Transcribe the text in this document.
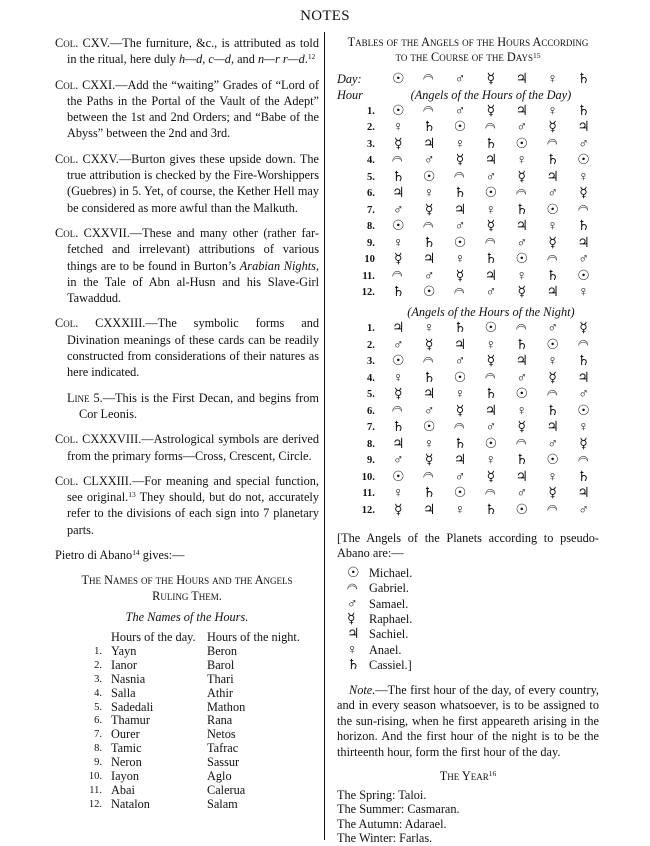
NOTES

Col. CXV.—The furniture, &c., is attributed as told in the ritual, here duly h—d, c—d, and n—r r—d.$^{12}$

Col. CXXI.—Add the “waiting” Grades of “Lord of the Paths in the Portal of the Vault of the Adept” between the 1st and 2nd Orders; and “Babe of the Abyss” between the 2nd and 3rd.

Col. CXXV.—Burton gives these upside down. The true attribution is checked by the Fire-Worshippers (Guebres) in 5. Yet, of course, the Kether Hell may be considered as more awful than the Malkuth.

Col. CXXVII.—These and many other (rather far-fetched and irrelevant) attributions of various things are to be found in Burton’s Arabian Nights, in the Tale of Abn al-Husn and his Slave-Girl Tawaddud.

Col. CXXXIII.—The symbolic forms and Divination meanings of these cards can be readily constructed from considerations of their natures as here indicated.

Line 5.—This is the First Decan, and begins from Cor Leonis.

Col. CXXXVIII.—Astrological symbols are derived from the primary forms—Cross, Crescent, Circle.

Col. CLXXIII.—For meaning and special function, see original.$^{13}$ They should, but do not, accurately refer to the divisions of each sign into 7 planetary parts.

Pietro di Abano$^{14}$ gives:—

The Names of the Hours and the Angels Ruling Them.

The Names of the Hours.

	Hours of the day.	Hours of the night.
1.	Yayn	Beron
2.	Ianor	Barol
3.	Nasnia	Thari
4.	Salla	Athir
5.	Sadedali	Mathon
6.	Thamur	Rana
7.	Ourer	Netos
8.	Tamic	Tafrac
9.	Neron	Sassur
10.	Iayon	Aglo
11.	Abai	Calerua
12.	Natalon	Salam
Tables of the Angels of the Hours According
to the Course of the Days$^{15}$
Day:	☉	☽	♂	☿	♃	♀	♄
Hour	(Angels of the Hours of the Day)						
1.	☉	☽	♂	☿	♃	♀	♄
2.	♀	♄	☉	☽	♂	☿	♃
3.	☿	♃	♀	♄	☉	☽	♂
4.	☽	♂	☿	♃	♀	♄	☉
5.	♄	☉	☽	♂	☿	♃	♀
6.	♃	♀	♄	☉	☽	♂	☿
7.	♂	☿	♃	♀	♄	☉	☽
8.	☉	☽	♂	☿	♃	♀	♄
9.	♀	♄	☉	☽	♂	☿	♃
10	☿	♃	♀	♄	☉	☽	♂
11.	☽	♂	☿	♃	♀	♄	☉
12.	♄	☉	☽	♂	☿	♃	♀
	(Angels of the Hours of the Night)						
1.	♃	♀	♄	☉	☽	♂	☿
2.	♂	☿	♃	♀	♄	☉	☽
3.	☉	☽	♂	☿	♃	♀	♄
4.	♀	♄	☉	☽	♂	☿	♃
5.	☿	♃	♀	♄	☉	☽	♂
6.	☽	♂	☿	♃	♀	♄	☉
7.	♄	☉	☽	♂	☿	♃	♀
8.	♃	♀	♄	☉	☽	♂	☿
9.	♂	☿	♃	♀	♄	☉	☽
10.	☉	☽	♂	☿	♃	♀	♄
11.	♀	♄	☉	☽	♂	☿	♃
12.	☿	♃	♀	♄	☉	☽	♂
[The Angels of the Planets according to pseudo-Abano are:—
☉ Michael.
☽ Gabriel.
♂ Samael.
☿	Raphael.
♃ Sachiel.
♀ Anael.
♄ Cassiel.]

Note.—The first hour of the day, of every country, and in every season whatsoever, is to be assigned to the sun-rising, when he first appeareth arising in the horizon. And the first hour of the night is to be the thirteenth hour, form the first hour of the day.

The Year$^{16}$
The Spring: Taloi.
The Summer: Casmaran.
The Autumn: Adarael.
The Winter: Farlas.
